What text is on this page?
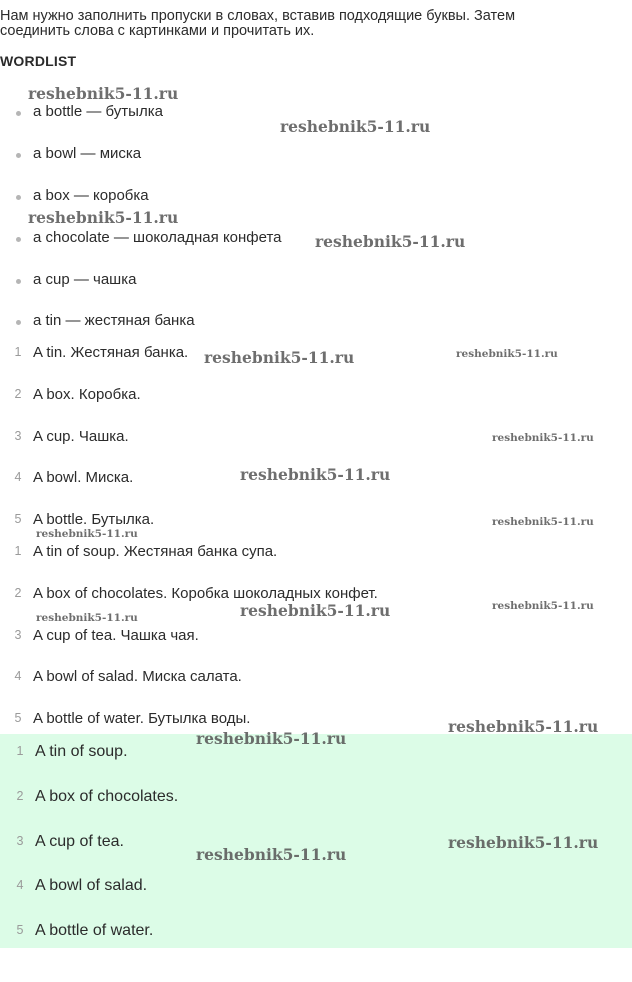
Нам нужно заполнить пропуски в словах, вставив подходящие буквы. Затем
соединить слова с картинками и прочитать их.
WORDLIST
a bottle — бутылка
a bowl — миска
a box — коробка
a chocolate — шоколадная конфета
a cup — чашка
a tin — жестяная банка
1 A tin. Жестяная банка.
2 A box. Коробка.
3 A cup. Чашка.
4 A bowl. Миска.
5 A bottle. Бутылка.
1 A tin of soup. Жестяная банка супа.
2 A box of chocolates. Коробка шоколадных конфет.
3 A cup of tea. Чашка чая.
4 A bowl of salad. Миска салата.
5 A bottle of water. Бутылка воды.
1 A tin of soup.
2 A box of chocolates.
3 A cup of tea.
4 A bowl of salad.
5 A bottle of water.
reshebnik5-11.ru
reshebnik5-11.ru
reshebnik5-11.ru
reshebnik5-11.ru
reshebnik5-11.ru	reshebnik5-11.ru
reshebnik5-11.ru
reshebnik5-11.ru
reshebnik5-11.ru
reshebnik5-11.ru
reshebnik5-11.ru	reshebnik5-11.ru
reshebnik5-11.ru
reshebnik5-11.ru
reshebnik5-11.ru
reshebnik5-11.ru
reshebnik5-11.ru
